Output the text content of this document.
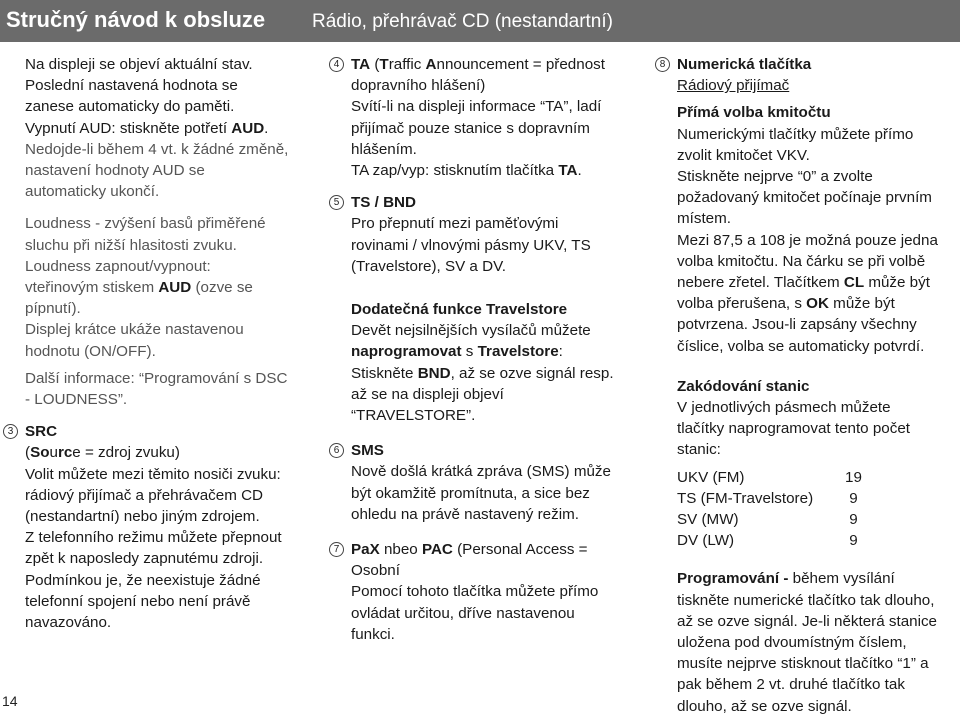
Stručný návod k obsluze Rádio, přehrávač CD (nestandartní)
Na displeji se objeví aktuální stav.
Poslední nastavená hodnota se
zanese automaticky do paměti.
Vypnutí AUD: stiskněte potřetí AUD.
Nedojde-li během 4 vt. k žádné změně,
nastavení hodnoty AUD se
automaticky ukončí.
Loudness - zvýšení basů přiměřené
sluchu při nižší hlasitosti zvuku.
Loudness zapnout/vypnout:
vteřinovým stiskem AUD (ozve se
pípnutí).
Displej krátce ukáže nastavenou
hodnotu (ON/OFF).
Další informace: “Programování s DSC
- LOUDNESS”.
3 SRC
(Source = zdroj zvuku)
Volit můžete mezi těmito nosiči zvuku:
rádiový přijímač a přehrávačem CD
(nestandartní) nebo jiným zdrojem.
Z telefonního režimu můžete přepnout
zpět k naposledy zapnutému zdroji.
Podmínkou je, že neexistuje žádné
telefonní spojení nebo není právě
navazováno.
4 TA (Traffic Announcement = přednost
dopravního hlášení)
Svítí-li na displeji informace “TA”, ladí
přijímač pouze stanice s dopravním
hlášením.
TA zap/vyp: stisknutím tlačítka TA.
5 TS / BND
Pro přepnutí mezi paměťovými
rovinami / vlnovými pásmy UKV, TS
(Travelstore), SV a DV.
Dodatečná funkce Travelstore
Devět nejsilnějších vysílačů můžete
naprogramovat s Travelstore:
Stiskněte BND, až se ozve signál resp.
až se na displeji objeví
“TRAVELSTORE”.
6 SMS
Nově došlá krátká zpráva (SMS) může
být okamžitě promítnuta, a sice bez
ohledu na právě nastavený režim.
7 PaX nbeo PAC (Personal Access =
Osobní
Pomocí tohoto tlačítka můžete přímo
ovládat určitou, dříve nastavenou
funkci.
8 Numerická tlačítka
Rádiový přijímač
Přímá volba kmitočtu
Numerickými tlačítky můžete přímo
zvolit kmitočet VKV.
Stiskněte nejprve “0” a zvolte
požadovaný kmitočet počínaje prvním
místem.
Mezi 87,5 a 108 je možná pouze jedna
volba kmitočtu. Na čárku se při volbě
nebere zřetel. Tlačítkem CL může být
volba přerušena, s OK může být
potvrzena. Jsou-li zapsány všechny
číslice, volba se automaticky potvrdí.
Zakódování stanic
V jednotlivých pásmech můžete
tlačítky naprogramovat tento počet
stanic:
UKV (FM)	19
TS (FM-Travelstore)	9
SV (MW)	9
DV (LW)	9
Programování - během vysílání
tiskněte numerické tlačítko tak dlouho,
až se ozve signál. Je-li některá stanice
uložena pod dvoumístným číslem,
musíte nejprve stisknout tlačítko “1” a
pak během 2 vt. druhé tlačítko tak
dlouho, až se ozve signál.
14
